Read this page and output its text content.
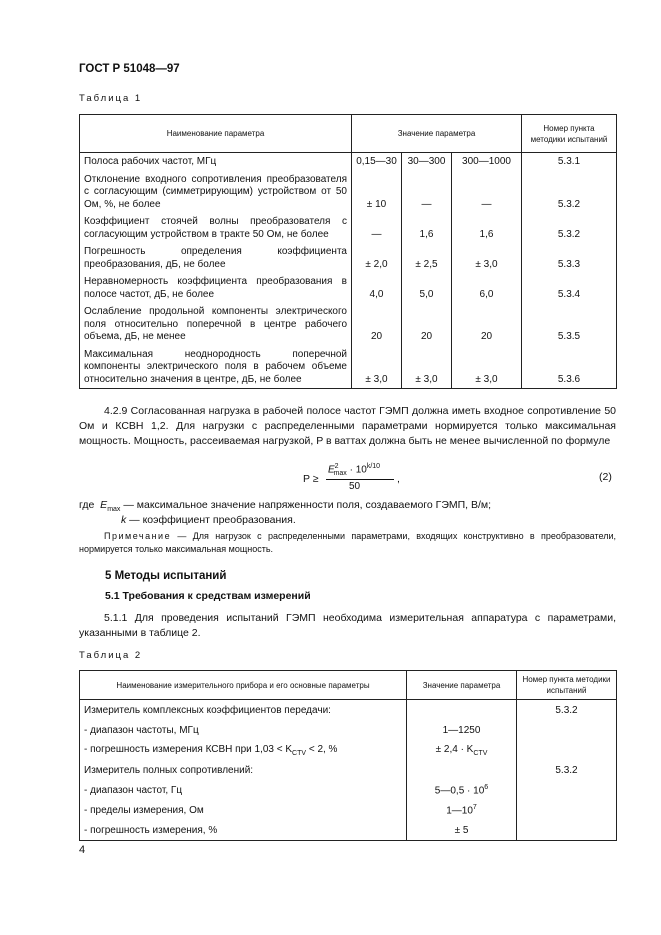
ГОСТ Р 51048—97
Таблица 1
Наименование параметра	Значение параметра			Номер пункта методики испытаний
Полоса рабочих частот, МГц	0,15—30	30—300	300—1000	5.3.1
Отклонение входного сопротивления преобразователя с согласующим (симметрирующим) устройством от 50 Ом, %, не более	± 10	—	—	5.3.2
Коэффициент стоячей волны преобразователя с согласующим устройством в тракте 50 Ом, не более	—	1,6	1,6	5.3.2
Погрешность определения коэффициента преобразования, дБ, не более	± 2,0	± 2,5	± 3,0	5.3.3
Неравномерность коэффициента преобразования в полосе частот, дБ, не более	4,0	5,0	6,0	5.3.4
Ослабление продольной компоненты электрического поля относительно поперечной в центре рабочего объема, дБ, не менее	20	20	20	5.3.5
Максимальная неоднородность поперечной компоненты электрического поля в рабочем объеме относительно значения в центре, дБ, не более	± 3,0	± 3,0	± 3,0	5.3.6
4.2.9 Согласованная нагрузка в рабочей полосе частот ГЭМП должна иметь входное сопротивление 50 Ом и КСВН 1,2. Для нагрузки с распределенными параметрами нормируется только максимальная мощность. Мощность, рассеиваемая нагрузкой, P в ваттах должна быть не менее вычисленной по формуле
P ≥
$E^2_{max} \cdot 10^{k/10}$
50
,	(2)
где $E_{max}$ — максимальное значение напряженности поля, создаваемого ГЭМП, В/м;
k — коэффициент преобразования.
Примечание — Для нагрузок с распределенными параметрами, входящих конструктивно в преобразователи, нормируется только максимальная мощность.
5 Методы испытаний
5.1 Требования к средствам измерений
5.1.1 Для проведения испытаний ГЭМП необходима измерительная аппаратура с параметрами, указанными в таблице 2.
Таблица 2
Наименование измерительного прибора и его основные параметры	Значение параметра	Номер пункта методики испытаний
Измеритель комплексных коэффициентов передачи:		5.3.2
- диапазон частоты, МГц	1—1250	
- погрешность измерения КСВН при $1,03 < K_{CTV} < 2$, %	± $2,4 \cdot K_{CTV}$	
Измеритель полных сопротивлений:		5.3.2
- диапазон частот, Гц	5—0,5 · $10^6$	
- пределы измерения, Ом	$1—10^7$	
- погрешность измерения, %	± 5	
4
